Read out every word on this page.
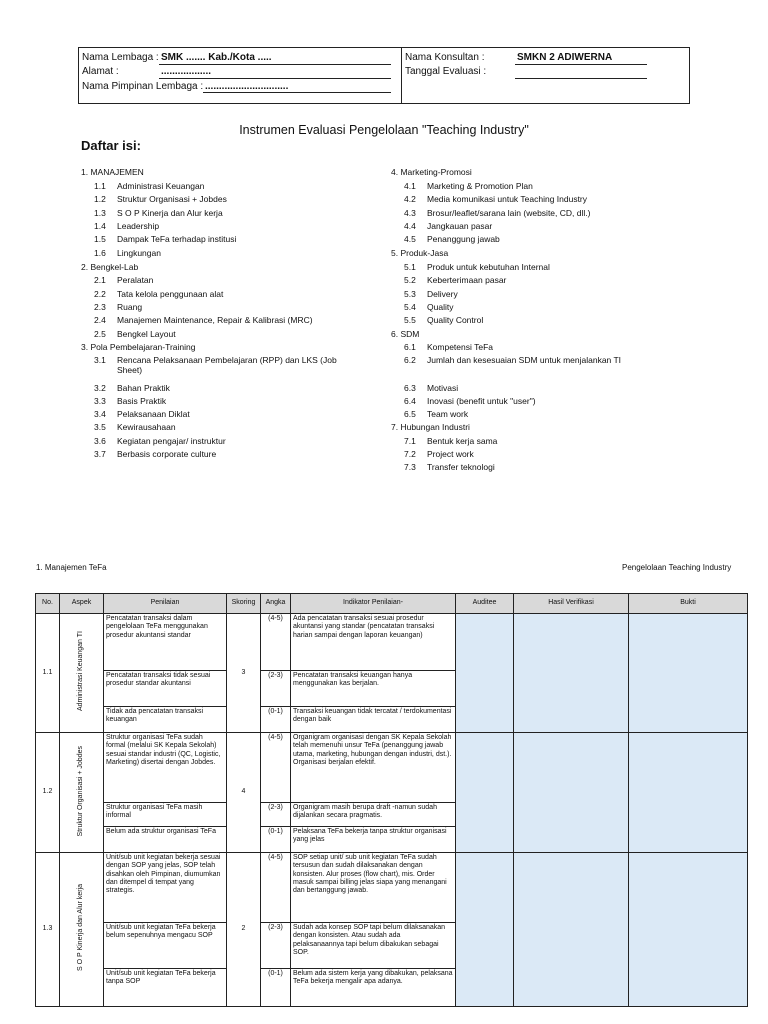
Nama Lembaga : SMK ....... Kab./Kota .....
Alamat :	..................
Nama Pimpinan Lembaga : ..............................
Nama Konsultan :	SMKN 2 ADIWERNA
Tanggal Evaluasi :
Instrumen Evaluasi Pengelolaan "Teaching Industry"
Daftar isi:
1. MANAJEMEN
1.1 Administrasi Keuangan
1.2 Struktur Organisasi + Jobdes
1.3 S O P Kinerja dan Alur kerja
1.4 Leadership
1.5 Dampak TeFa terhadap institusi
1.6 Lingkungan
2. Bengkel-Lab
2.1 Peralatan
2.2 Tata kelola penggunaan alat
2.3 Ruang
2.4 Manajemen Maintenance, Repair & Kalibrasi (MRC)
2.5 Bengkel Layout
3. Pola Pembelajaran-Training
3.1 Rencana Pelaksanaan Pembelajaran (RPP) dan LKS (Job Sheet)
3.2 Bahan Praktik
3.3 Basis Praktik
3.4 Pelaksanaan Diklat
3.5 Kewirausahaan
3.6 Kegiatan pengajar/ instruktur
3.7 Berbasis corporate culture
4. Marketing-Promosi
4.1 Marketing & Promotion Plan
4.2 Media komunikasi untuk Teaching Industry
4.3 Brosur/leaflet/sarana lain (website, CD, dll.)
4.4 Jangkauan pasar
4.5 Penanggung jawab
5. Produk-Jasa
5.1 Produk untuk kebutuhan Internal
5.2 Keberterimaan pasar
5.3 Delivery
5.4 Quality
5.5 Quality Control
6. SDM
6.1 Kompetensi TeFa
6.2 Jumlah dan kesesuaian SDM untuk menjalankan TI
6.3 Motivasi
6.4 Inovasi (benefit untuk "user")
6.5 Team work
7. Hubungan Industri
7.1 Bentuk kerja sama
7.2 Project work
7.3 Transfer teknologi
1. Manajemen TeFa	Pengelolaan Teaching Industry
No.	Aspek	Penilaian	Skoring	Angka	Indikator Penilaian-	Auditee	Hasil Verifikasi	Bukti
1.1	Administrasi Keuangan TI	Pencatatan transaksi dalam pengelolaan TeFa menggunakan prosedur akuntansi standar	3	(4-5)	Ada pencatatan transaksi sesuai prosedur akuntansi yang standar (pencatatan transaksi harian sampai dengan laporan keuangan)			
		Pencatatan transaksi tidak sesuai prosedur standar akuntansi		(2-3)	Pencatatan transaksi keuangan hanya menggunakan kas berjalan.			
		Tidak ada pencatatan transaksi keuangan		(0-1)	Transaksi keuangan tidak tercatat / terdokumentasi dengan baik			
1.2	Struktur Organisasi + Jobdes	Struktur organisasi TeFa sudah formal (melalui SK Kepala Sekolah) sesuai standar industri (QC, Logistic, Marketing) disertai dengan Jobdes.	4	(4-5)	Organigram organisasi dengan SK Kepala Sekolah telah memenuhi unsur TeFa (penanggung jawab utama, marketing, hubungan dengan industri, dst.). Organisasi berjalan efektif.			
		Struktur organisasi TeFa masih informal		(2-3)	Organigram masih berupa draft -namun sudah dijalankan secara pragmatis.			
		Belum ada struktur organisasi TeFa		(0-1)	Pelaksana TeFa bekerja tanpa struktur organisasi yang jelas			
1.3	S O P Kinerja dan Alur kerja	Unit/sub unit kegiatan bekerja sesuai dengan SOP yang jelas, SOP telah disahkan oleh Pimpinan, diumumkan dan ditempel di tempat yang strategis.	2	(4-5)	SOP setiap unit/ sub unit kegiatan TeFa sudah tersusun dan sudah dilaksanakan dengan konsisten. Alur proses (flow chart), mis. Order masuk sampai billing jelas siapa yang menangani dan bertanggung jawab.			
		Unit/sub unit kegiatan TeFa bekerja belum sepenuhnya mengacu SOP		(2-3)	Sudah ada konsep SOP tapi belum dilaksanakan dengan konsisten. Atau sudah ada pelaksanaannya tapi belum dibakukan sebagai SOP.			
		Unit/sub unit kegiatan TeFa bekerja tanpa SOP		(0-1)	Belum ada sistem kerja yang dibakukan, pelaksana TeFa bekerja mengalir apa adanya.			
